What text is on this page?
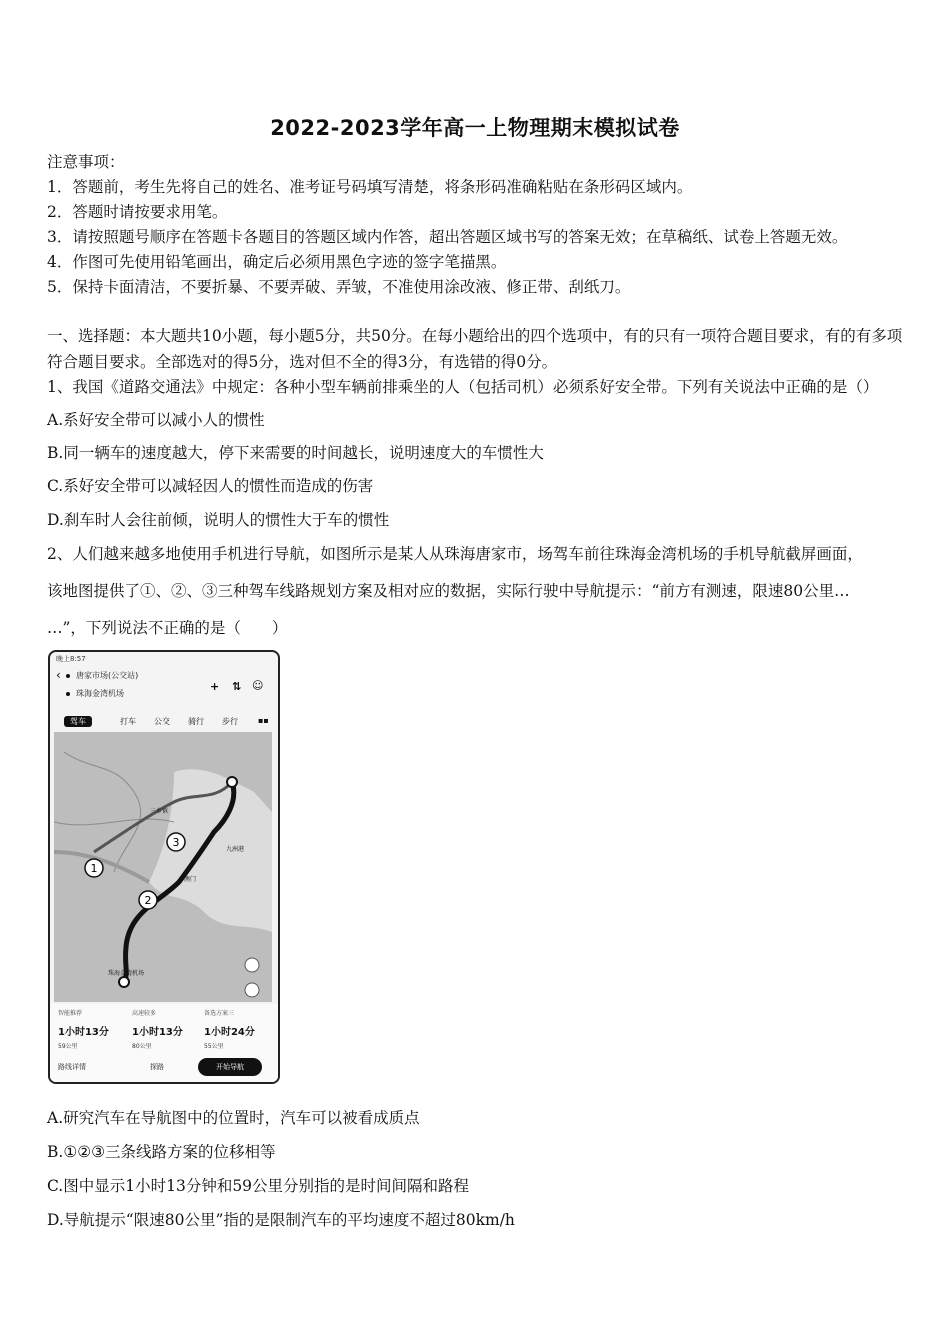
2022-2023学年高一上物理期末模拟试卷
注意事项：
1．答题前，考生先将自己的姓名、准考证号码填写清楚，将条形码准确粘贴在条形码区域内。
2．答题时请按要求用笔。
3．请按照题号顺序在答题卡各题目的答题区域内作答，超出答题区域书写的答案无效；在草稿纸、试卷上答题无效。
4．作图可先使用铅笔画出，确定后必须用黑色字迹的签字笔描黑。
5．保持卡面清洁，不要折暴、不要弄破、弄皱，不准使用涂改液、修正带、刮纸刀。
一、选择题：本大题共10小题，每小题5分，共50分。在每小题给出的四个选项中，有的只有一项符合题目要求，有的有多项符合题目要求。全部选对的得5分，选对但不全的得3分，有选错的得0分。
1、我国《道路交通法》中规定：各种小型车辆前排乘坐的人（包括司机）必须系好安全带。下列有关说法中正确的是（）
A.系好安全带可以减小人的惯性
B.同一辆车的速度越大，停下来需要的时间越长，说明速度大的车惯性大
C.系好安全带可以减轻因人的惯性而造成的伤害
D.刹车时人会往前倾，说明人的惯性大于车的惯性
2、人们越来越多地使用手机进行导航，如图所示是某人从珠海唐家市，场驾车前往珠海金湾机场的手机导航截屏画面，
该地图提供了①、②、③三种驾车线路规划方案及相对应的数据，实际行驶中导航提示：“前方有测速，限速80公里…
…”，下列说法不正确的是（　　）
晚上8:57
‹	唐家市场(公交站)
珠海金湾机场
+ ⇅ ☺
驾车	打车 公交 骑行 步行	▪▪
1
2
3
三乡镇
九洲港
澳门
珠海金湾机场
智能推荐
1小时13分
59公里
高速较多
1小时13分
80公里
备选方案三
1小时24分
55公里
路线详情	探路	开始导航
A.研究汽车在导航图中的位置时，汽车可以被看成质点
B.①②③三条线路方案的位移相等
C.图中显示1小时13分钟和59公里分别指的是时间间隔和路程
D.导航提示“限速80公里”指的是限制汽车的平均速度不超过80km/h
